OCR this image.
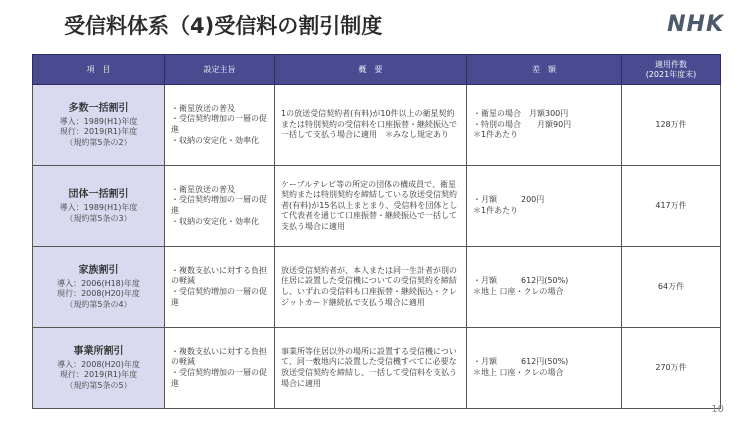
受信料体系（4)受信料の割引制度	NHK
項　目	設定主旨	概　要	差　額	適用件数
(2021年度末)

多数一括割引
導入：1989(H1)年度
現行：2019(R1)年度
（規約第5条の2）	・衛星放送の普及
・受信契約増加の一層の促進
・収納の安定化・効率化	1の放送受信契約者(有料)が10件以上の衛星契約または特別契約の受信料を口座振替・継続振込で一括して支払う場合に適用　＊みなし規定あり	・衛星の場合　月額300円
・特別の場合　　月額90円
＊1件あたり	128万件

団体一括割引
導入：1989(H1)年度
（規約第5条の3）	・衛星放送の普及
・受信契約増加の一層の促進
・収納の安定化・効率化	ケーブルテレビ等の所定の団体の構成員で、衛星契約または特別契約を締結している放送受信契約者(有料)が15名以上まとまり、受信料を団体として代表者を通じて口座振替・継続振込で一括して支払う場合に適用	・月額　　　200円
＊1件あたり	417万件

家族割引
導入：2006(H18)年度
現行：2008(H20)年度
（規約第5条の4）	・複数支払いに対する負担の軽減
・受信契約増加の一層の促進	放送受信契約者が、本人または同一生計者が別の住居に設置した受信機についての受信契約を締結し、いずれの受信料も口座振替・継続振込・クレジットカード継続払で支払う場合に適用	・月額　　　612円(50%)
＊地上 口座・クレの場合	64万件

事業所割引
導入：2008(H20)年度
現行：2019(R1)年度
（規約第5条の5）	・複数支払いに対する負担の軽減
・受信契約増加の一層の促進	事業所等住居以外の場所に設置する受信機について、同一敷地内に設置した受信機すべてに必要な放送受信契約を締結し、一括して受信料を支払う場合に適用	・月額　　　612円(50%)
＊地上 口座・クレの場合	270万件
10
